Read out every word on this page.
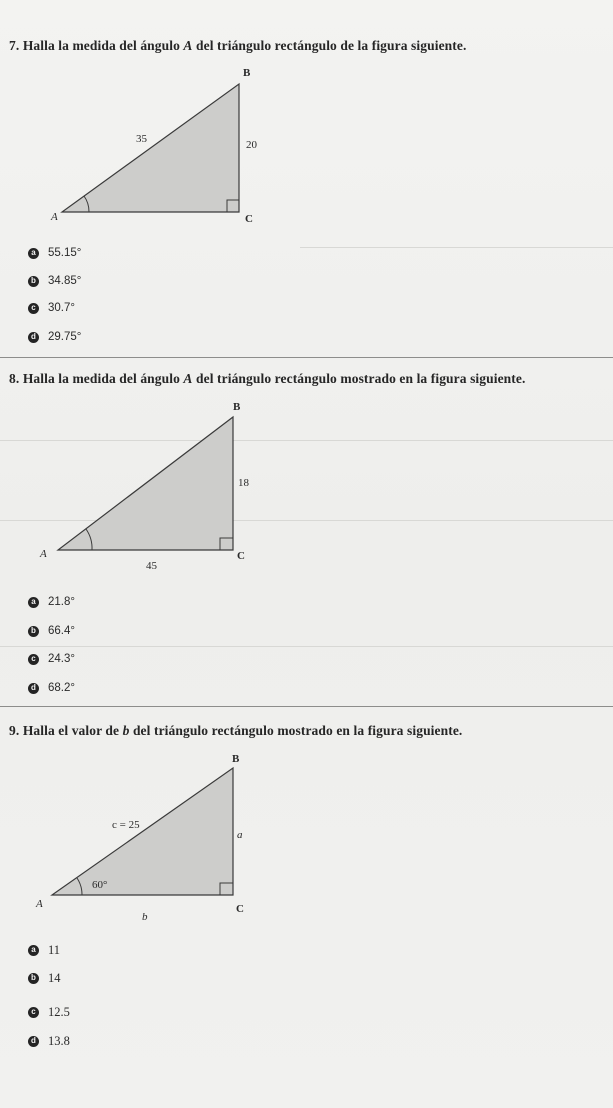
7. Halla la medida del ángulo A del triángulo rectángulo de la figura siguiente.
A
B
C
35	20
a 55.15°
b 34.85°
c 30.7°
d 29.75°
8. Halla la medida del ángulo A del triángulo rectángulo mostrado en la figura siguiente.
A
B
C
18
45
a 21.8°
b 66.4°
c 24.3°
d 68.2°
9. Halla el valor de b del triángulo rectángulo mostrado en la figura siguiente.
A
B
C
c = 25
a
b
60°
a 11
b 14
c 12.5
d 13.8
